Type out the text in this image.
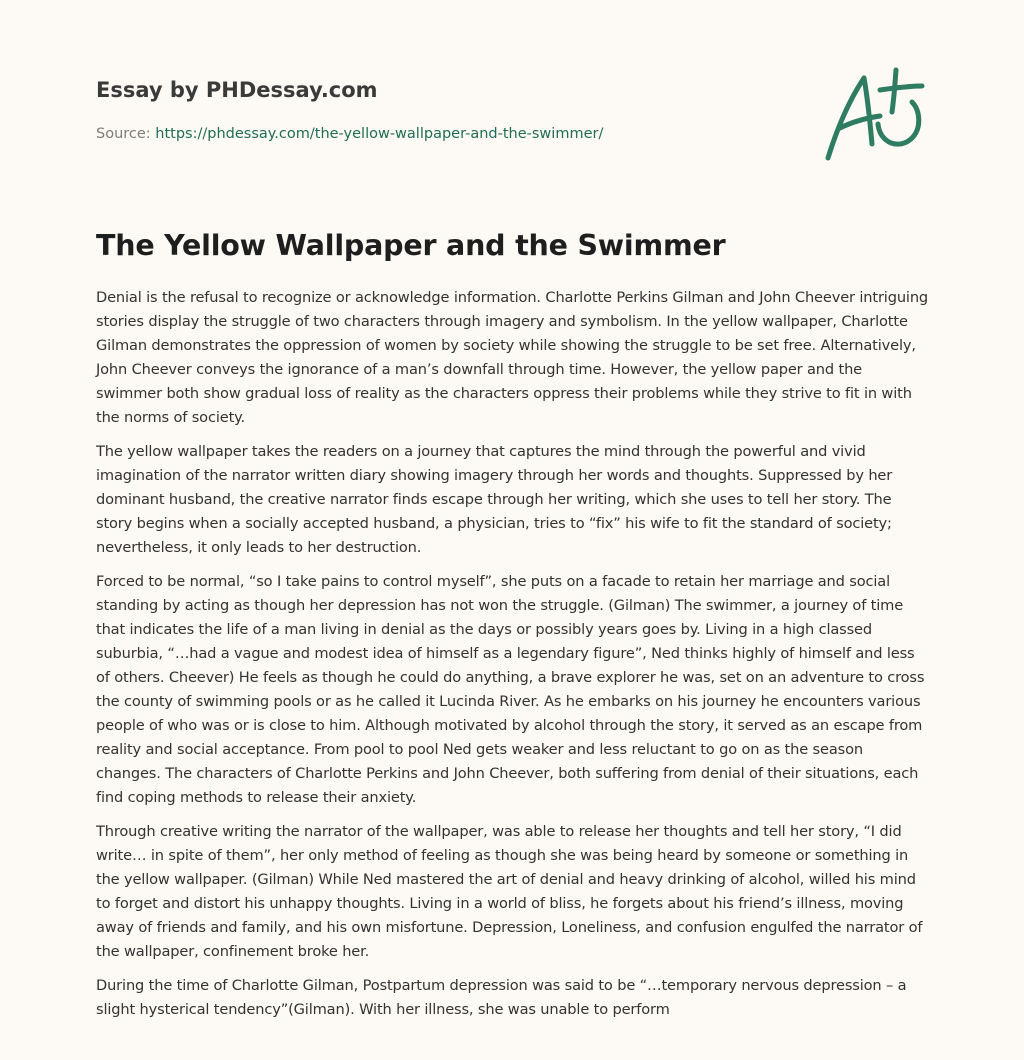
Essay by PHDessay.com
Source: https://phdessay.com/the-yellow-wallpaper-and-the-swimmer/
The Yellow Wallpaper and the Swimmer

Denial is the refusal to recognize or acknowledge information. Charlotte Perkins Gilman and John Cheever intriguing stories display the struggle of two characters through imagery and symbolism. In the yellow wallpaper, Charlotte Gilman demonstrates the oppression of women by society while showing the struggle to be set free. Alternatively, John Cheever conveys the ignorance of a man’s downfall through time. However, the yellow paper and the swimmer both show gradual loss of reality as the characters oppress their problems while they strive to fit in with the norms of society.

The yellow wallpaper takes the readers on a journey that captures the mind through the powerful and vivid imagination of the narrator written diary showing imagery through her words and thoughts. Suppressed by her dominant husband, the creative narrator finds escape through her writing, which she uses to tell her story. The story begins when a socially accepted husband, a physician, tries to “fix” his wife to fit the standard of society; nevertheless, it only leads to her destruction.

Forced to be normal, “so I take pains to control myself”, she puts on a facade to retain her marriage and social standing by acting as though her depression has not won the struggle. (Gilman) The swimmer, a journey of time that indicates the life of a man living in denial as the days or possibly years goes by. Living in a high classed suburbia, “…had a vague and modest idea of himself as a legendary figure”, Ned thinks highly of himself and less of others. Cheever) He feels as though he could do anything, a brave explorer he was, set on an adventure to cross the county of swimming pools or as he called it Lucinda River. As he embarks on his journey he encounters various people of who was or is close to him. Although motivated by alcohol through the story, it served as an escape from reality and social acceptance. From pool to pool Ned gets weaker and less reluctant to go on as the season changes. The characters of Charlotte Perkins and John Cheever, both suffering from denial of their situations, each find coping methods to release their anxiety.

Through creative writing the narrator of the wallpaper, was able to release her thoughts and tell her story, “I did write… in spite of them”, her only method of feeling as though she was being heard by someone or something in the yellow wallpaper. (Gilman) While Ned mastered the art of denial and heavy drinking of alcohol, willed his mind to forget and distort his unhappy thoughts. Living in a world of bliss, he forgets about his friend’s illness, moving away of friends and family, and his own misfortune. Depression, Loneliness, and confusion engulfed the narrator of the wallpaper, confinement broke her.

During the time of Charlotte Gilman, Postpartum depression was said to be “…temporary nervous depression – a slight hysterical tendency”(Gilman). With her illness, she was unable to perform
